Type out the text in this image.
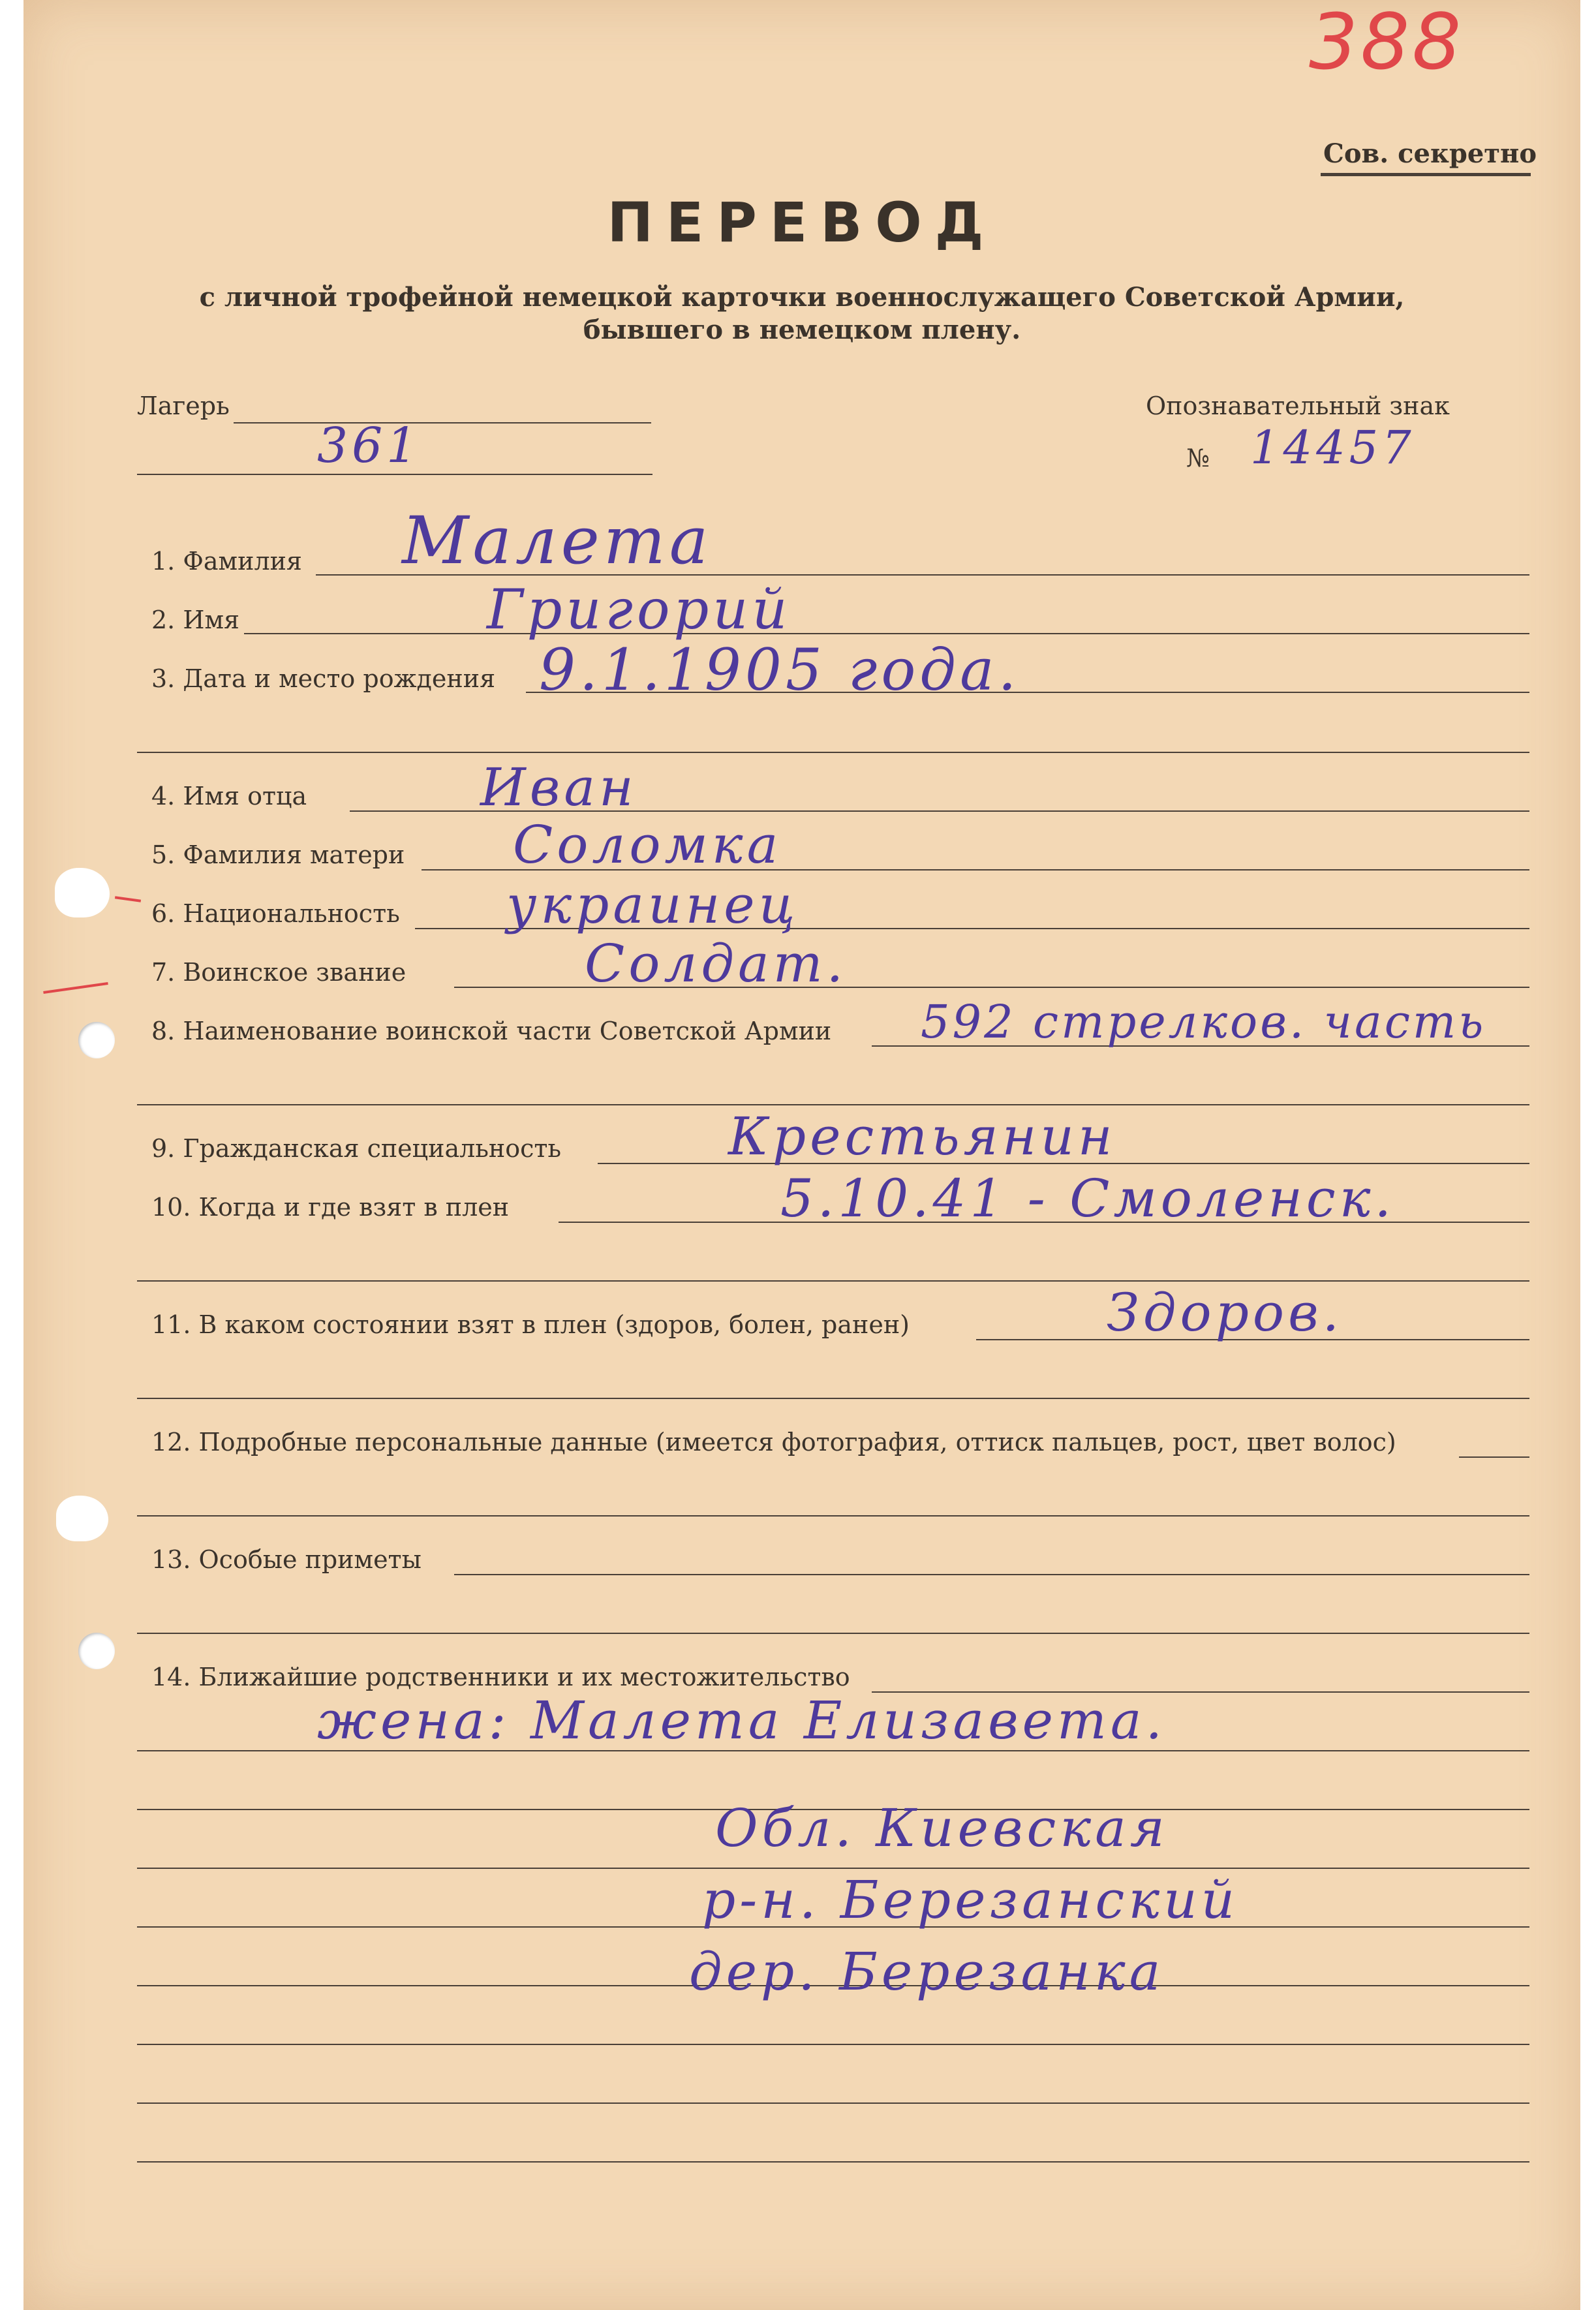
388
Сов. секретно
ПЕРЕВОД
с личной трофейной немецкой карточки военнослужащего Советской Армии,
бывшего в немецком плену.
Лагерь
361
Опознавательный знак
№ 14457
1. Фамилия Малета
2. Имя	Григорий
3. Дата и место рождения 9.1.1905 года.
4. Имя отца	Иван
5. Фамилия матери Соломка
6. Национальность украинец
7. Воинское звание	Солдат.
8. Наименование воинской части Советской Армии 592 стрелков. часть
9. Гражданская специальность	Крестьянин
10. Когда и где взят в плен	5.10.41 - Смоленск.
11. В каком состоянии взят в плен (здоров, болен, ранен)	Здоров.
12. Подробные персональные данные (имеется фотография, оттиск пальцев, рост, цвет волос)
13. Особые приметы
14. Ближайшие родственники и их местожительство
жена: Малета Елизавета.
Обл. Киевская
р-н. Березанский
дер. Березанка
